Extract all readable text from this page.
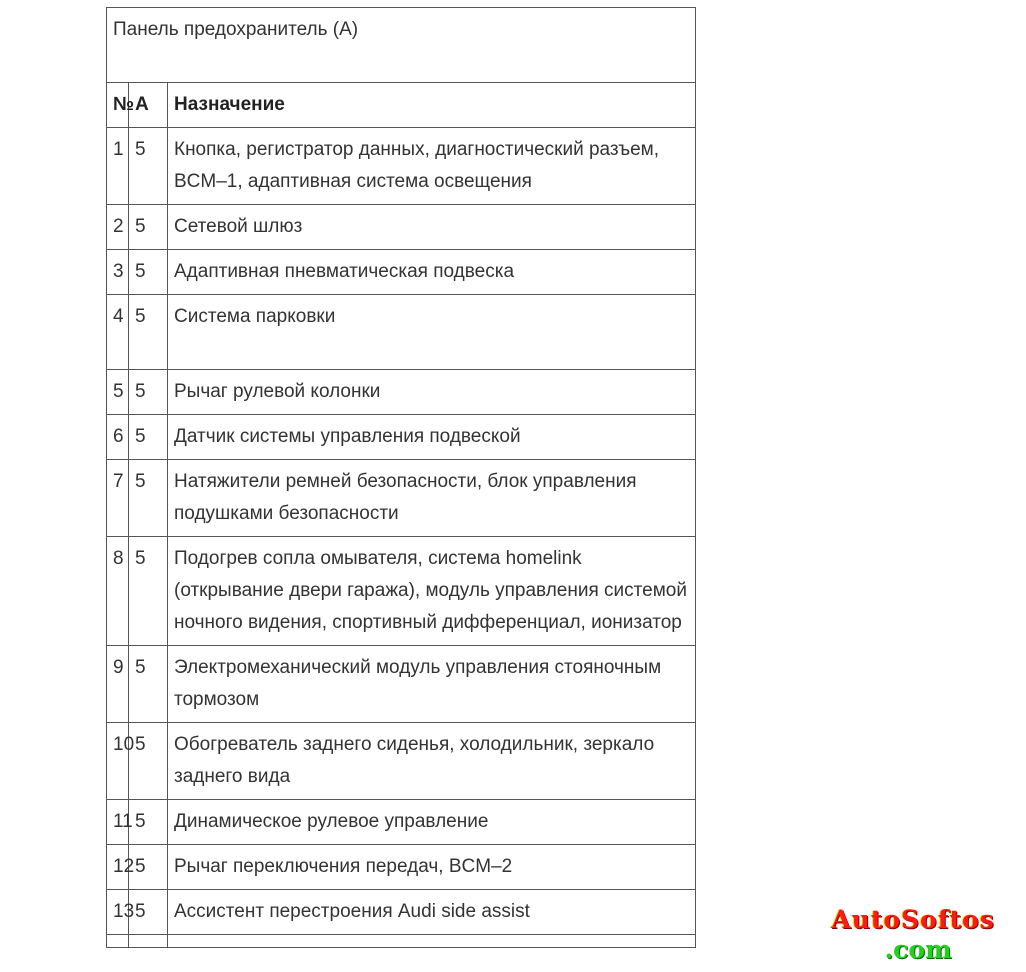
Панель предохранитель (A)		
№	A	Назначение
1	5	Кнопка, регистратор данных, диагностический разъем, BCM–1, адаптивная система освещения
2	5	Сетевой шлюз
3	5	Адаптивная пневматическая подвеска
4	5	Система парковки
5	5	Рычаг рулевой колонки
6	5	Датчик системы управления подвеской
7	5	Натяжители ремней безопасности, блок управления подушками безопасности
8	5	Подогрев сопла омывателя, система homelink (открывание двери гаража), модуль управления системой ночного видения, спортивный дифференциал, ионизатор
9	5	Электромеханический модуль управления стояночным тормозом
10	5	Обогреватель заднего сиденья, холодильник, зеркало заднего вида
11	5	Динамическое рулевое управление
12	5	Рычаг переключения передач, BCM–2
13	5	Ассистент перестроения Audi side assist
			AutoSoftos
.com
